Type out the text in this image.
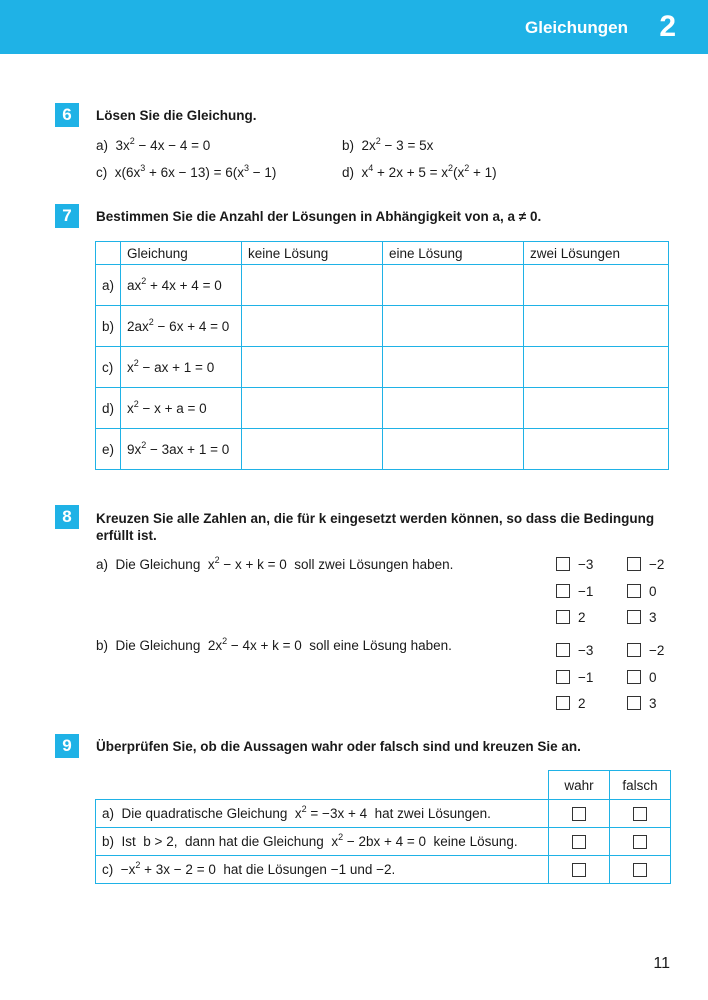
Gleichungen 2
6	Lösen Sie die Gleichung.
a)  $3x^2 - 4x - 4 = 0$	b)  $2x^2 - 3 = 5x$
c)  $x(6x^3 + 6x - 13) = 6(x^3 - 1)$	d)  $x^4 + 2x + 5 = x^2(x^2 + 1)$
7	Bestimmen Sie die Anzahl der Lösungen in Abhängigkeit von a, a ≠ 0.
	Gleichung	keine Lösung	eine Lösung	zwei Lösungen
a)	$ax^2 + 4x + 4 = 0$			
b)	$2ax^2 - 6x + 4 = 0$			
c)	$x^2$ − ax + 1 = 0			
d)	$x^2 - x + a = 0$			
e)	$9x^2 - 3ax + 1 = 0$			
8	Kreuzen Sie alle Zahlen an, die für k eingesetzt werden können, so dass die Bedingung
erfüllt ist.
a) Die Gleichung  $x^2 - x + k = 0$  soll zwei Lösungen haben.
b) Die Gleichung  $2x^2 - 4x + k = 0$  soll eine Lösung haben.
−3	−2
−1	0
2	3
−3	−2
−1	0
2	3
9	Überprüfen Sie, ob die Aussagen wahr oder falsch sind und kreuzen Sie an.
	wahr	falsch
a) Die quadratische Gleichung  $x^2 = -3x + 4$  hat zwei Lösungen.		
b) Ist  b > 2,  dann hat die Gleichung  $x^2 - 2bx + 4 = 0$  keine Lösung.		
$c) -x^2 + 3x - 2 = 0$  hat die Lösungen −1 und −2.		
11
